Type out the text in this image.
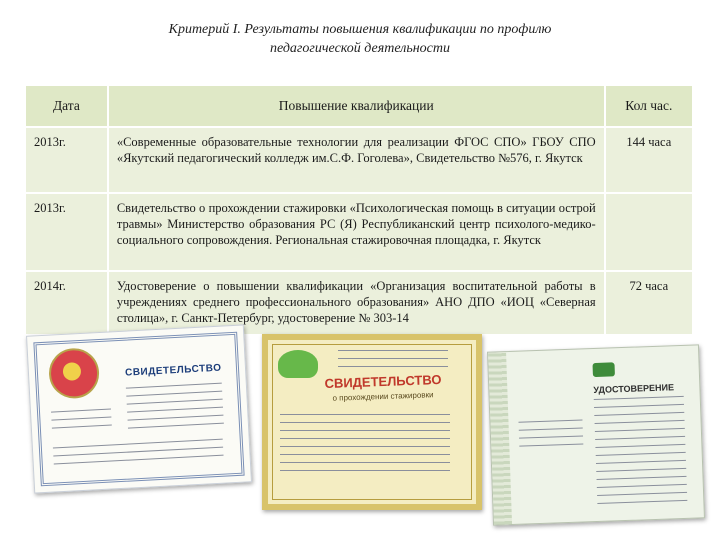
Критерий I. Результаты повышения квалификации по профилю
педагогической деятельности
Дата	Повышение квалификации	Кол час.
2013г.	«Современные образовательные технологии для реализации ФГОС СПО» ГБОУ СПО «Якутский педагогический колледж им.С.Ф. Гоголева», Свидетельство №576, г. Якутск	144 часа
2013г.	Свидетельство о прохождении стажировки «Психологическая помощь в ситуации острой травмы» Министерство образования РС (Я) Республиканский центр психолого-медико-социального сопровождения. Региональная стажировочная площадка, г. Якутск	
2014г.	Удостоверение о повышении квалификации «Организация воспитательной работы в учреждениях среднего профессионального образования» АНО ДПО «ИОЦ «Северная столица», г. Санкт-Петербург, удостоверение № 303-14	72 часа
СВИДЕТЕЛЬСТВО
СВИДЕТЕЛЬСТВО
о прохождении стажировки
УДОСТОВЕРЕНИЕ
